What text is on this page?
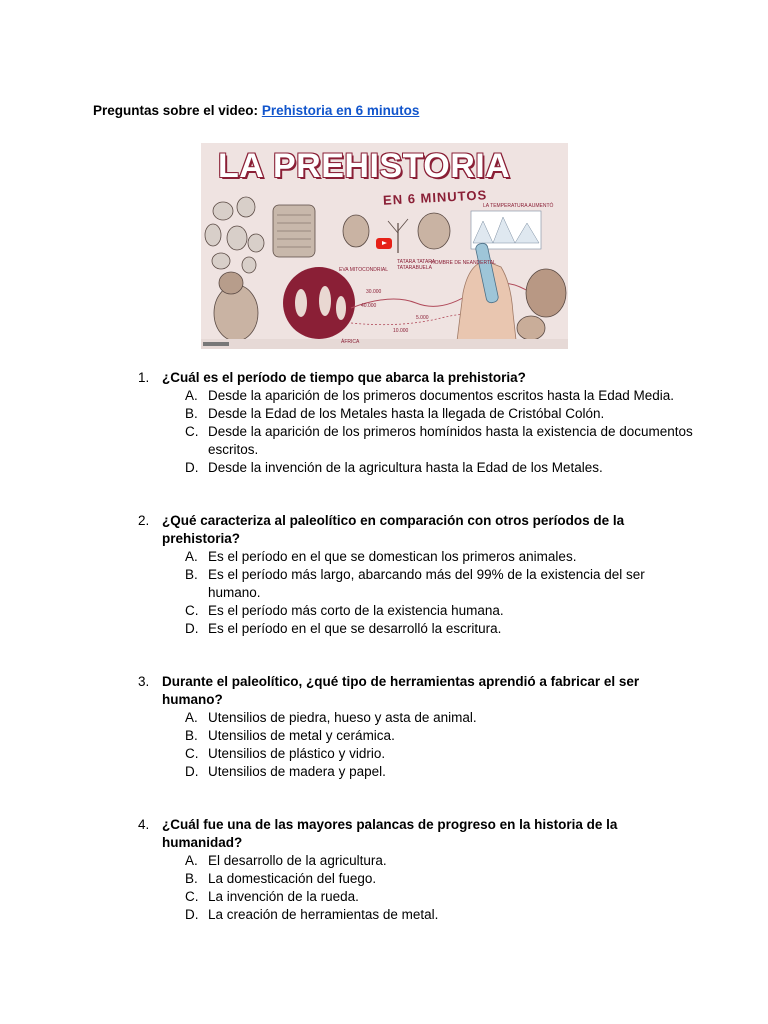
Preguntas sobre el video: Prehistoria en 6 minutos
LA PREHISTORIA
EN 6 MINUTOS
LA TEMPERATURA AUMENTÓ
HOMBRE DE NEANDERTAL
EVA MITOCONDRIAL
ÁFRICA
30.000
10.000
40.000
5.000
TATARA TATARA TATARABUELA
1. ¿Cuál es el período de tiempo que abarca la prehistoria?
A. Desde la aparición de los primeros documentos escritos hasta la Edad Media.
B. Desde la Edad de los Metales hasta la llegada de Cristóbal Colón.
C. Desde la aparición de los primeros homínidos hasta la existencia de documentos escritos.
D. Desde la invención de la agricultura hasta la Edad de los Metales.
2. ¿Qué caracteriza al paleolítico en comparación con otros períodos de la prehistoria?
A. Es el período en el que se domestican los primeros animales.
B. Es el período más largo, abarcando más del 99% de la existencia del ser humano.
C. Es el período más corto de la existencia humana.
D. Es el período en el que se desarrolló la escritura.
3. Durante el paleolítico, ¿qué tipo de herramientas aprendió a fabricar el ser humano?
A. Utensilios de piedra, hueso y asta de animal.
B. Utensilios de metal y cerámica.
C. Utensilios de plástico y vidrio.
D. Utensilios de madera y papel.
4. ¿Cuál fue una de las mayores palancas de progreso en la historia de la humanidad?
A. El desarrollo de la agricultura.
B. La domesticación del fuego.
C. La invención de la rueda.
D. La creación de herramientas de metal.
